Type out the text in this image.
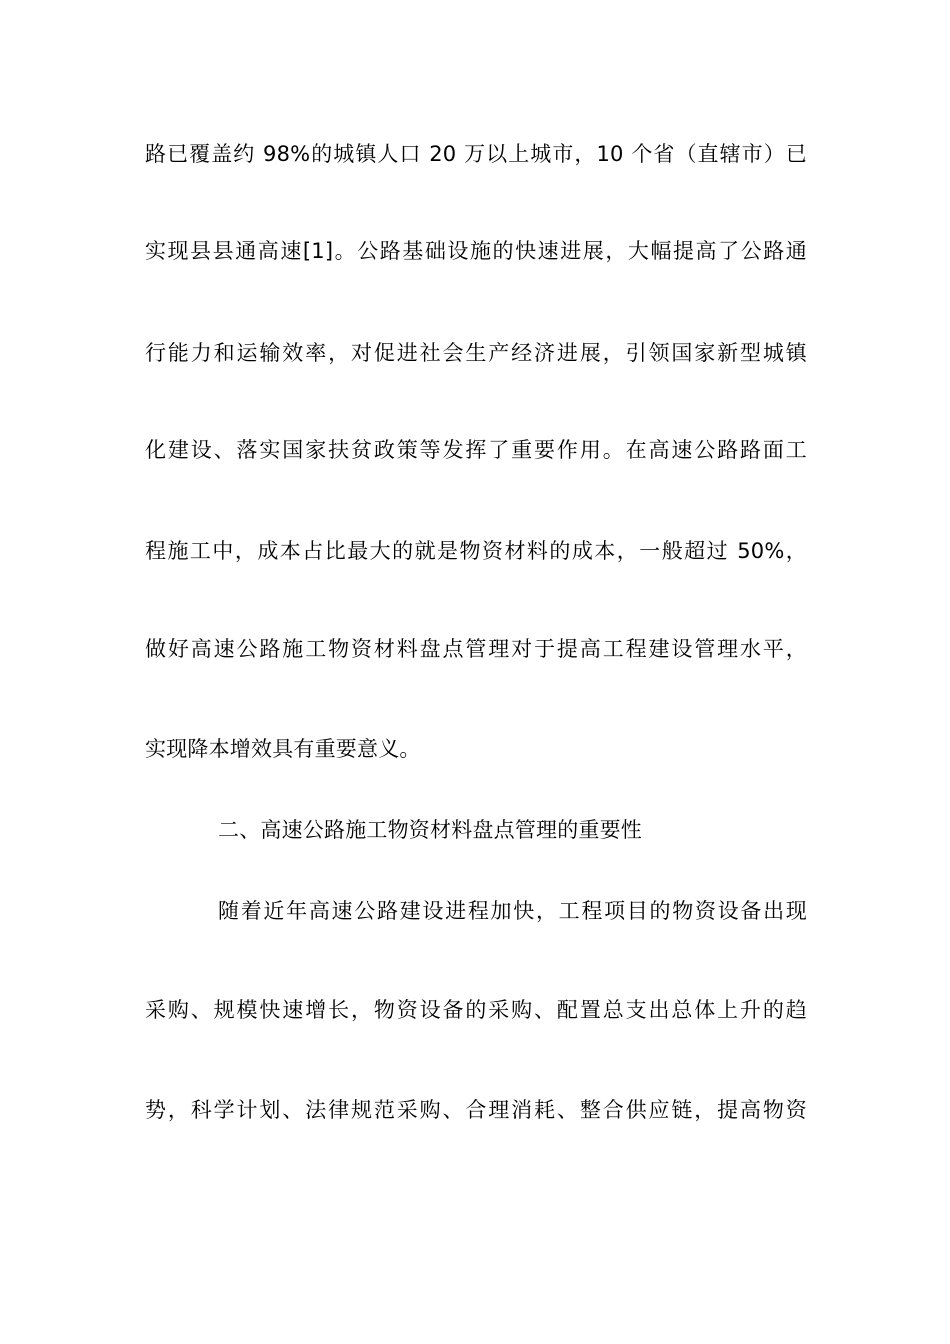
路已覆盖约 98%的城镇人口 20 万以上城市，10 个省（直辖市）已
实现县县通高速[1]。公路基础设施的快速进展，大幅提高了公路通
行能力和运输效率，对促进社会生产经济进展，引领国家新型城镇
化建设、落实国家扶贫政策等发挥了重要作用。在高速公路路面工
程施工中，成本占比最大的就是物资材料的成本，一般超过 50%，
做好高速公路施工物资材料盘点管理对于提高工程建设管理水平，
实现降本增效具有重要意义。
二、高速公路施工物资材料盘点管理的重要性
随着近年高速公路建设进程加快，工程项目的物资设备出现
采购、规模快速增长，物资设备的采购、配置总支出总体上升的趋
势，科学计划、法律规范采购、合理消耗、整合供应链，提高物资
